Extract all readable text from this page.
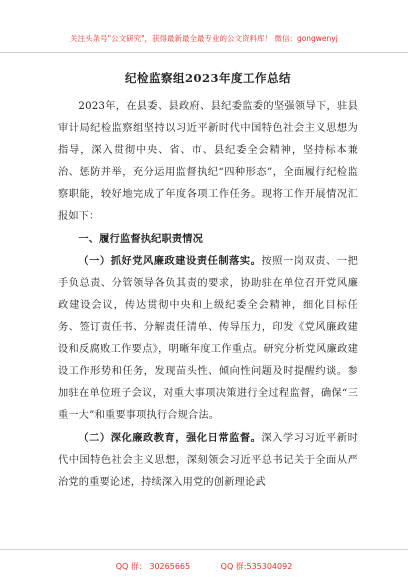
关注头条号"公文研究"，获得最新最全最专业的公文资料库！ 微信：gongwenyj
纪检监察组2023年度工作总结

2023年，在县委、县政府、县纪委监委的坚强领导下，驻县审计局纪检监察组坚持以习近平新时代中国特色社会主义思想为指导，深入贯彻中央、省、市、县纪委全会精神，坚持标本兼治、惩防并举，充分运用监督执纪“四种形态”，全面履行纪检监察职能，较好地完成了年度各项工作任务。现将工作开展情况汇报如下：

一、履行监督执纪职责情况

（一）抓好党风廉政建设责任制落实。按照一岗双责、一把手负总责、分管领导各负其责的要求，协助驻在单位召开党风廉政建设会议，传达贯彻中央和上级纪委全会精神，细化目标任务、签订责任书、分解责任清单、传导压力，印发《党风廉政建设和反腐败工作要点》，明晰年度工作重点。研究分析党风廉政建设工作形势和任务，发现苗头性、倾向性问题及时提醒约谈。参加驻在单位班子会议，对重大事项决策进行全过程监督，确保“三重一大”和重要事项执行合规合法。

（二）深化廉政教育，强化日常监督。深入学习习近平新时代中国特色社会主义思想，深刻领会习近平总书记关于全面从严治党的重要论述，持续深入用党的创新理论武

QQ 群： 30265665	QQ 群:535304092
